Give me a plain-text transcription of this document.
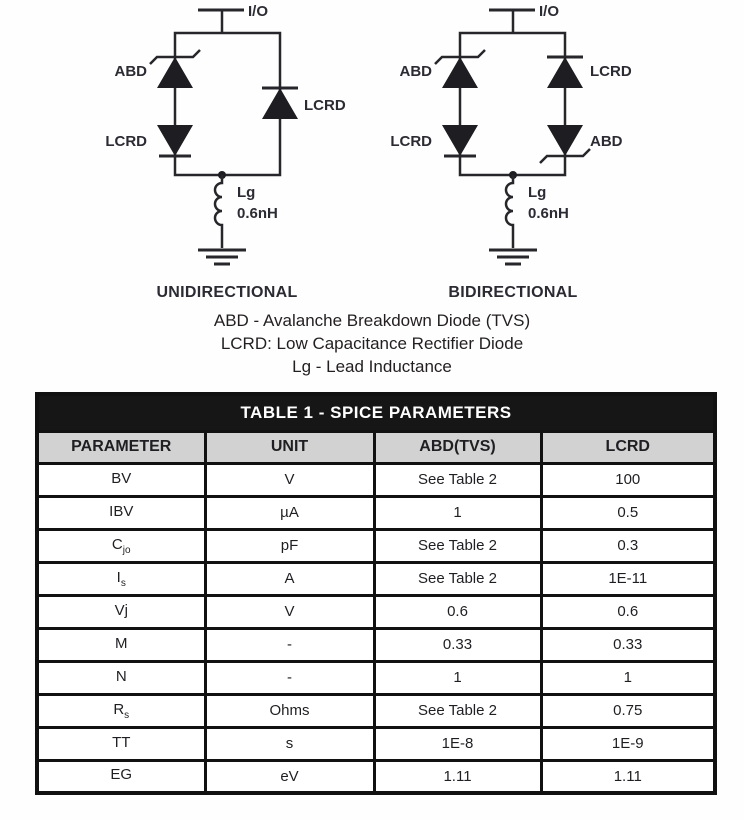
I/O
ABD
LCRD
LCRD
Lg
0.6nH
UNIDIRECTIONAL
I/O
ABD
LCRD
LCRD
ABD
Lg
0.6nH
BIDIRECTIONAL

ABD - Avalanche Breakdown Diode (TVS)

LCRD: Low Capacitance Rectifier Diode

Lg - Lead Inductance

TABLE 1 - SPICE PARAMETERS			
PARAMETER	UNIT	ABD(TVS)	LCRD
BV	V	See Table 2	100
IBV	µA	1	0.5
$C_{jo}$	pF	See Table 2	0.3
$I_s$	A	See Table 2	1E-11
Vj	V	0.6	0.6
M	-	0.33	0.33
N	-	1	1
$R_s$	Ohms	See Table 2	0.75
TT	s	1E-8	1E-9
EG	eV	1.11	1.11
